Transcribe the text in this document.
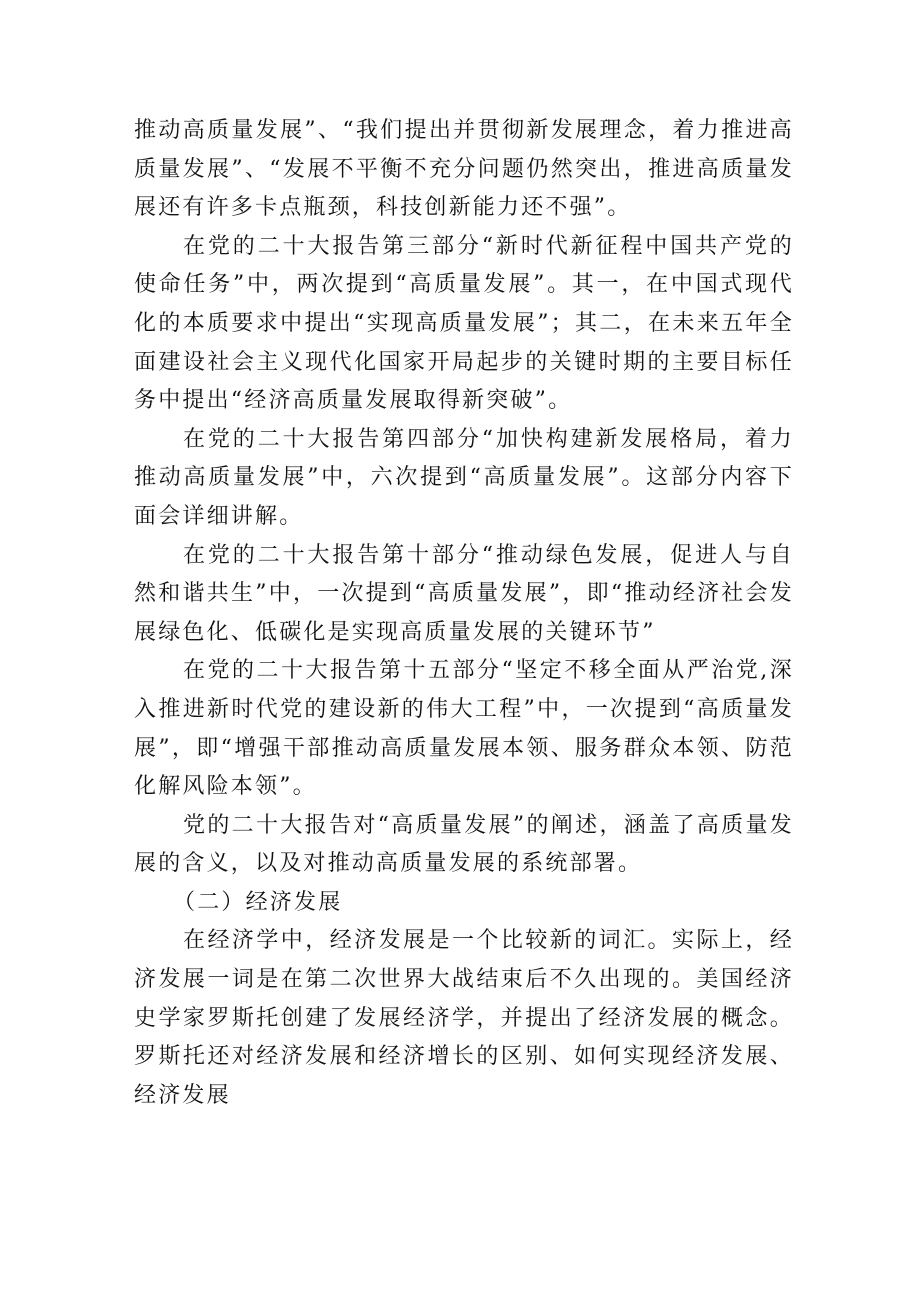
推动高质量发展”、“我们提出并贯彻新发展理念，着力推进高质量发展”、“发展不平衡不充分问题仍然突出，推进高质量发展还有许多卡点瓶颈，科技创新能力还不强”。

在党的二十大报告第三部分“新时代新征程中国共产党的使命任务”中，两次提到“高质量发展”。其一，在中国式现代化的本质要求中提出“实现高质量发展”；其二，在未来五年全面建设社会主义现代化国家开局起步的关键时期的主要目标任务中提出“经济高质量发展取得新突破”。

在党的二十大报告第四部分“加快构建新发展格局，着力推动高质量发展”中，六次提到“高质量发展”。这部分内容下面会详细讲解。

在党的二十大报告第十部分“推动绿色发展，促进人与自然和谐共生”中，一次提到“高质量发展”，即“推动经济社会发展绿色化、低碳化是实现高质量发展的关键环节”

在党的二十大报告第十五部分“坚定不移全面从严治党,深入推进新时代党的建设新的伟大工程”中，一次提到“高质量发展”，即“增强干部推动高质量发展本领、服务群众本领、防范化解风险本领”。

党的二十大报告对“高质量发展”的阐述，涵盖了高质量发展的含义，以及对推动高质量发展的系统部署。

（二）经济发展

在经济学中，经济发展是一个比较新的词汇。实际上，经济发展一词是在第二次世界大战结束后不久出现的。美国经济史学家罗斯托创建了发展经济学，并提出了经济发展的概念。罗斯托还对经济发展和经济增长的区别、如何实现经济发展、经济发展
